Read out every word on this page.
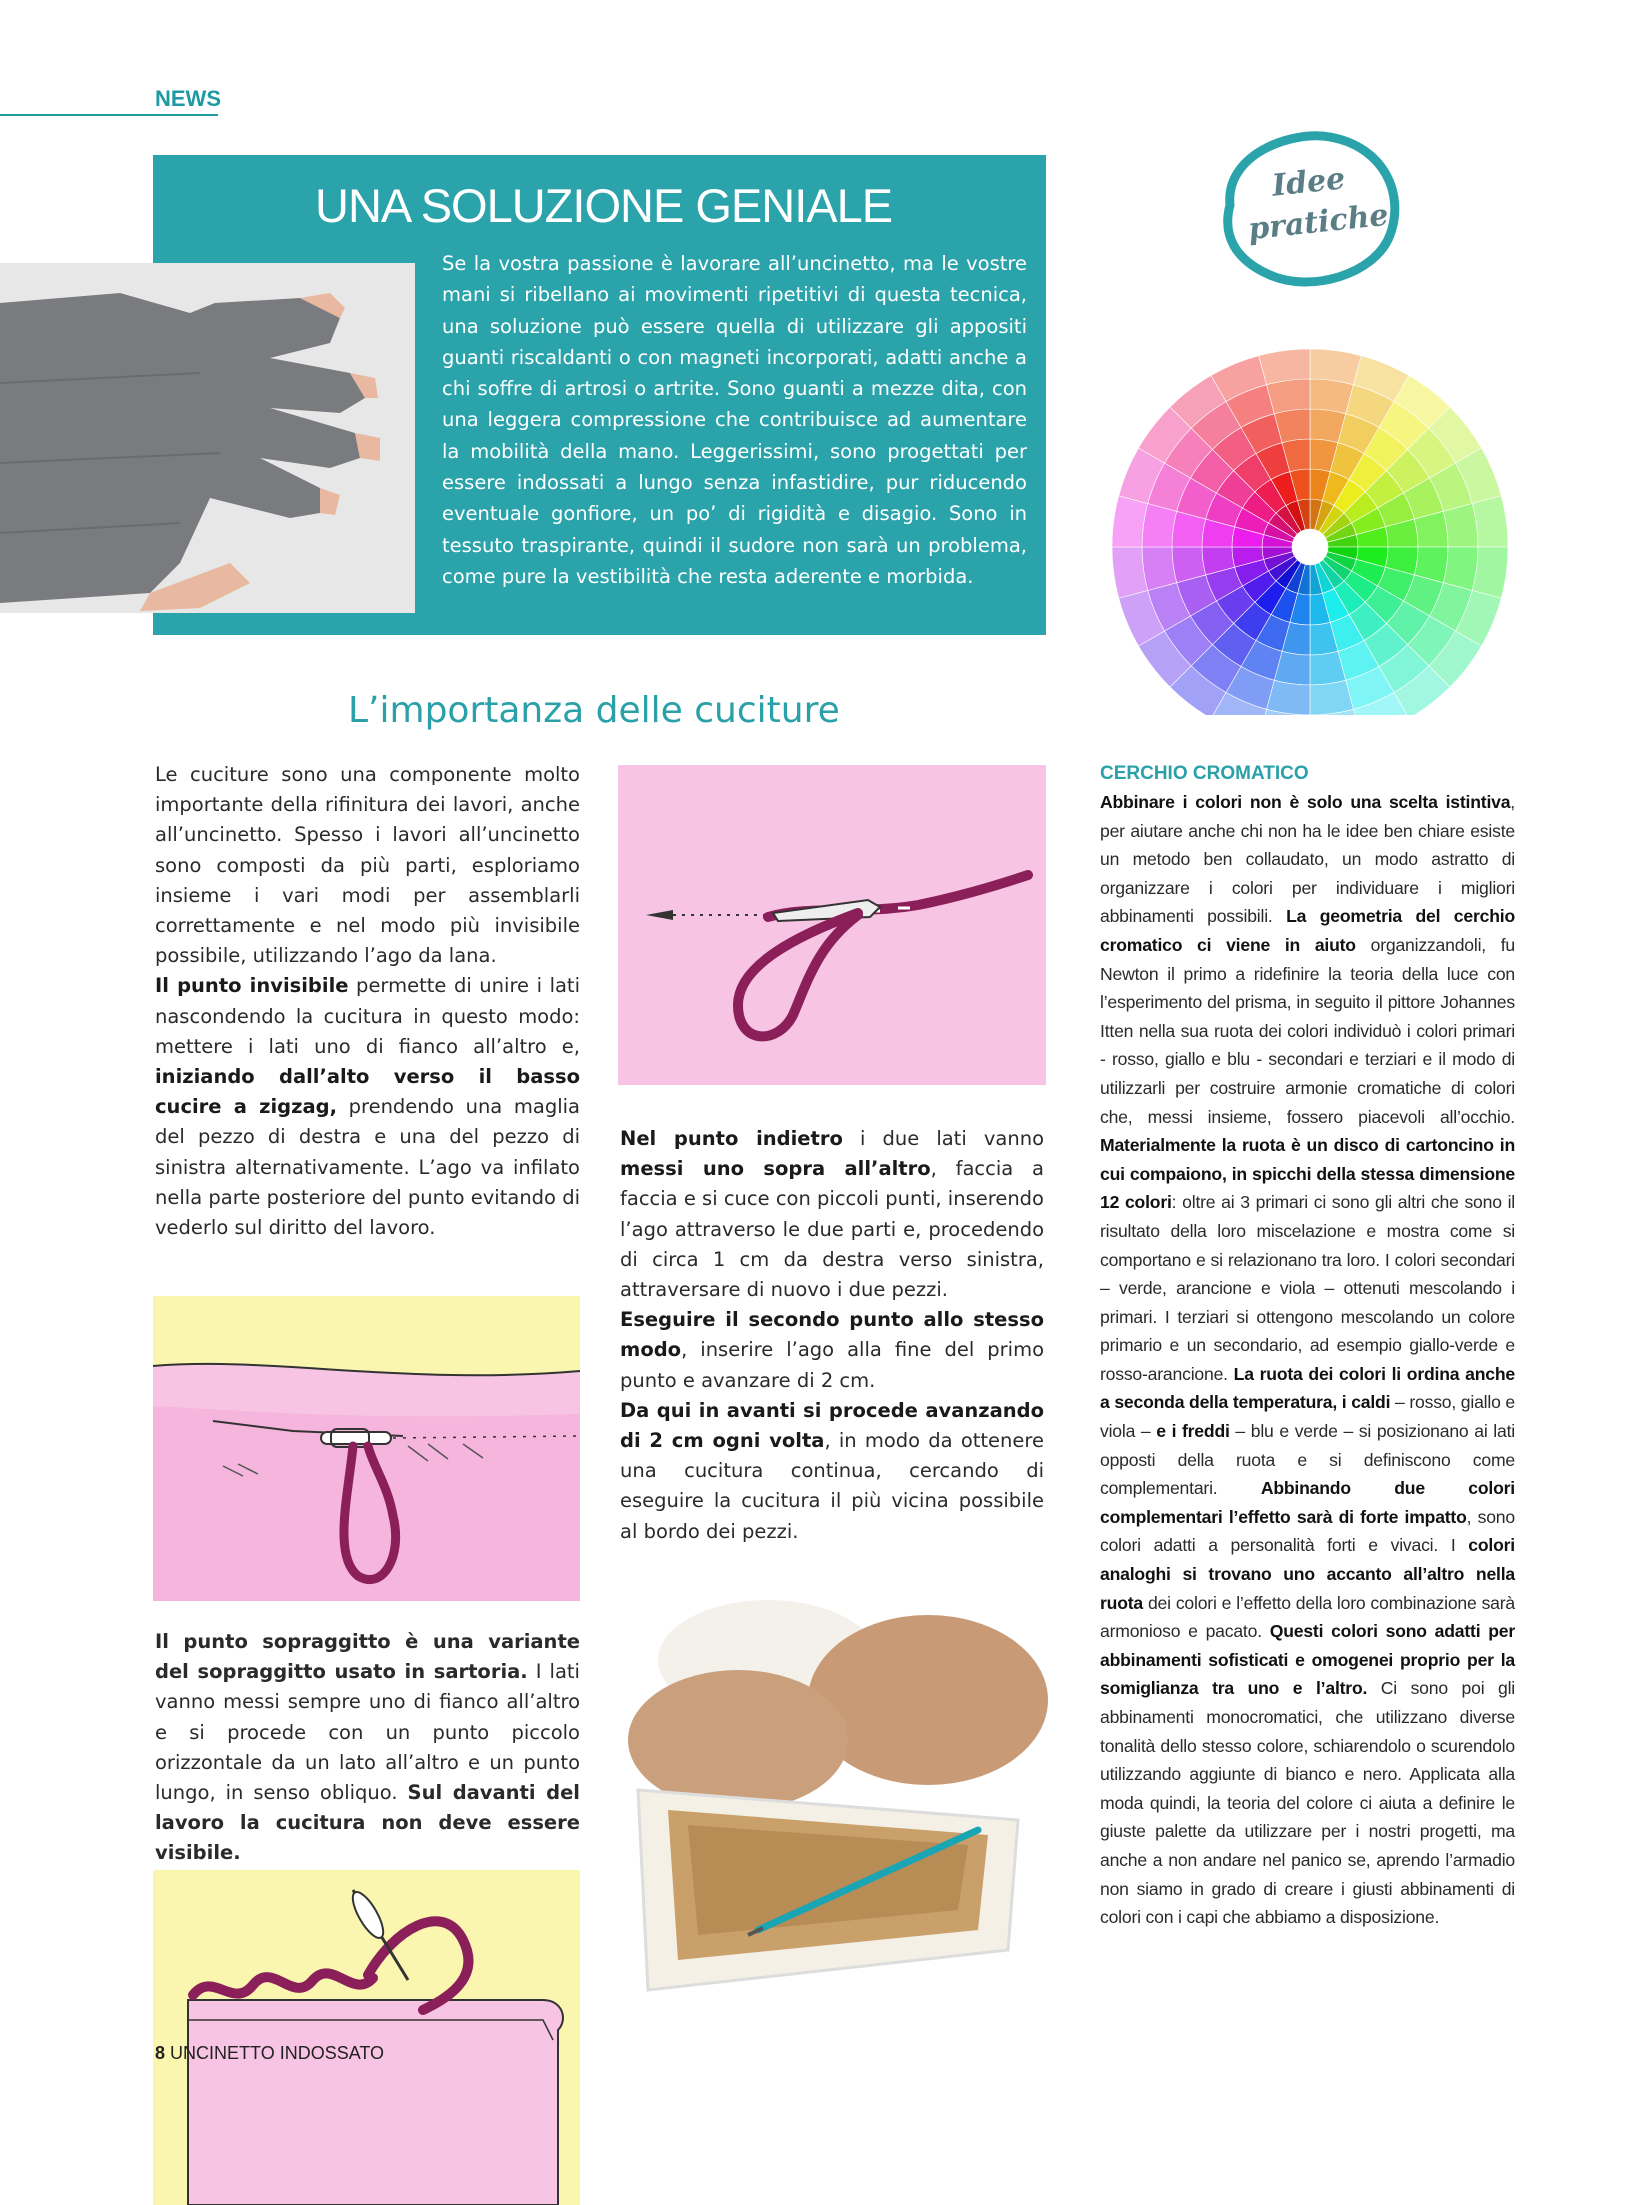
NEWS
UNA SOLUZIONE GENIALE
Se la vostra passione è lavorare all’uncinetto, ma le vostre mani si ribellano ai movimenti ripetitivi di questa tecnica, una soluzione può essere quella di utilizzare gli appositi guanti riscaldanti o con magneti incorporati, adatti anche a chi soffre di artrosi o artrite. Sono guanti a mezze dita, con una leggera compressione che contribuisce ad aumentare la mobilità della mano. Leggerissimi, sono progettati per essere indossati a lungo senza infastidire, pur riducendo eventuale gonfiore, un po’ di rigidità e disagio. Sono in tessuto traspirante, quindi il sudore non sarà un problema, come pure la vestibilità che resta aderente e morbida.
Idee
pratiche
L’importanza delle cuciture
Le cuciture sono una componente molto importante della rifinitura dei lavori, anche all’uncinetto. Spesso i lavori all’uncinetto sono composti da più parti, esploriamo insieme i vari modi per assemblarli correttamente e nel modo più invisibile possibile, utilizzando l’ago da lana.
Il punto invisibile permette di unire i lati nascondendo la cucitura in questo modo: mettere i lati uno di fianco all’altro e, iniziando dall’alto verso il basso cucire a zigzag, prendendo una maglia del pezzo di destra e una del pezzo di sinistra alternativamente. L’ago va infilato nella parte posteriore del punto evitando di vederlo sul diritto del lavoro.
Il punto sopraggitto è una variante del sopraggitto usato in sartoria. I lati vanno messi sempre uno di fianco all’altro e si procede con un punto piccolo orizzontale da un lato all’altro e un punto lungo, in senso obliquo. Sul davanti del lavoro la cucitura non deve essere visibile.
Nel punto indietro i due lati vanno messi uno sopra all’altro, faccia a faccia e si cuce con piccoli punti, inserendo l’ago attraverso le due parti e, procedendo di circa 1 cm da destra verso sinistra, attraversare di nuovo i due pezzi.
Eseguire il secondo punto allo stesso modo, inserire l’ago alla fine del primo punto e avanzare di 2 cm.
Da qui in avanti si procede avanzando di 2 cm ogni volta, in modo da ottenere una cucitura continua, cercando di eseguire la cucitura il più vicina possibile al bordo dei pezzi.
CERCHIO CROMATICO
Abbinare i colori non è solo una scelta istintiva, per aiutare anche chi non ha le idee ben chiare esiste un metodo ben collaudato, un modo astratto di organizzare i colori per individuare i migliori abbinamenti possibili. La geometria del cerchio cromatico ci viene in aiuto organizzandoli, fu Newton il primo a ridefinire la teoria della luce con l’esperimento del prisma, in seguito il pittore Johannes Itten nella sua ruota dei colori individuò i colori primari - rosso, giallo e blu - secondari e terziari e il modo di utilizzarli per costruire armonie cromatiche di colori che, messi insieme, fossero piacevoli all’occhio. Materialmente la ruota è un disco di cartoncino in cui compaiono, in spicchi della stessa dimensione 12 colori: oltre ai 3 primari ci sono gli altri che sono il risultato della loro miscelazione e mostra come si comportano e si relazionano tra loro. I colori secondari – verde, arancione e viola – ottenuti mescolando i primari. I terziari si ottengono mescolando un colore primario e un secondario, ad esempio giallo-verde e rosso-arancione. La ruota dei colori li ordina anche a seconda della temperatura, i caldi – rosso, giallo e viola – e i freddi – blu e verde – si posizionano ai lati opposti della ruota e si definiscono come complementari. Abbinando due colori complementari l’effetto sarà di forte impatto, sono colori adatti a personalità forti e vivaci. I colori analoghi si trovano uno accanto all’altro nella ruota dei colori e l’effetto della loro combinazione sarà armonioso e pacato. Questi colori sono adatti per abbinamenti sofisticati e omogenei proprio per la somiglianza tra uno e l’altro. Ci sono poi gli abbinamenti monocromatici, che utilizzano diverse tonalità dello stesso colore, schiarendolo o scurendolo utilizzando aggiunte di bianco e nero. Applicata alla moda quindi, la teoria del colore ci aiuta a definire le giuste palette da utilizzare per i nostri progetti, ma anche a non andare nel panico se, aprendo l’armadio non siamo in grado di creare i giusti abbinamenti di colori con i capi che abbiamo a disposizione.
8 UNCINETTO INDOSSATO
